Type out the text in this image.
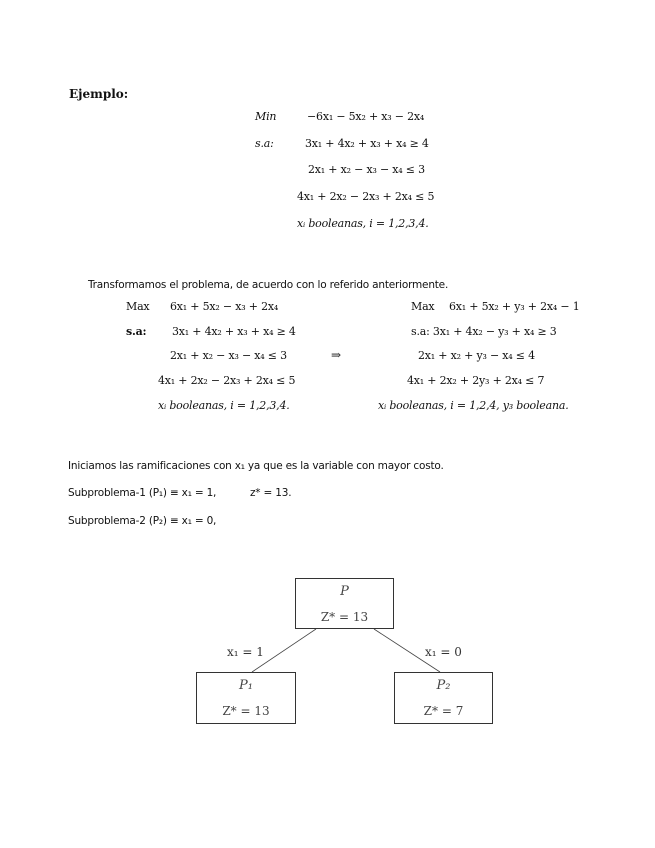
Ejemplo:
Min	−6x₁ − 5x₂ + x₃ − 2x₄
s.a:	3x₁ + 4x₂ + x₃ + x₄ ≥ 4
2x₁ + x₂ − x₃ − x₄ ≤ 3
4x₁ + 2x₂ − 2x₃ + 2x₄ ≤ 5
xᵢ booleanas, i = 1,2,3,4.
Transformamos el problema, de acuerdo con lo referido anteriormente.
Max 6x₁ + 5x₂ − x₃ + 2x₄
s.a: 3x₁ + 4x₂ + x₃ + x₄ ≥ 4
2x₁ + x₂ − x₃ − x₄ ≤ 3
4x₁ + 2x₂ − 2x₃ + 2x₄ ≤ 5
xᵢ booleanas, i = 1,2,3,4.
⇒
Max 6x₁ + 5x₂ + y₃ + 2x₄ − 1
s.a: 3x₁ + 4x₂ − y₃ + x₄ ≥ 3
2x₁ + x₂ + y₃ − x₄ ≤ 4
4x₁ + 2x₂ + 2y₃ + 2x₄ ≤ 7
xᵢ booleanas, i = 1,2,4, y₃ booleana.
Iniciamos las ramificaciones con x₁ ya que es la variable con mayor costo.
Subproblema-1 (P₁) ≡ x₁ = 1,	z* = 13.
Subproblema-2 (P₂) ≡ x₁ = 0,
P
Z* = 13
x₁ = 1	x₁ = 0
P₁
Z* = 13
P₂
Z* = 7
